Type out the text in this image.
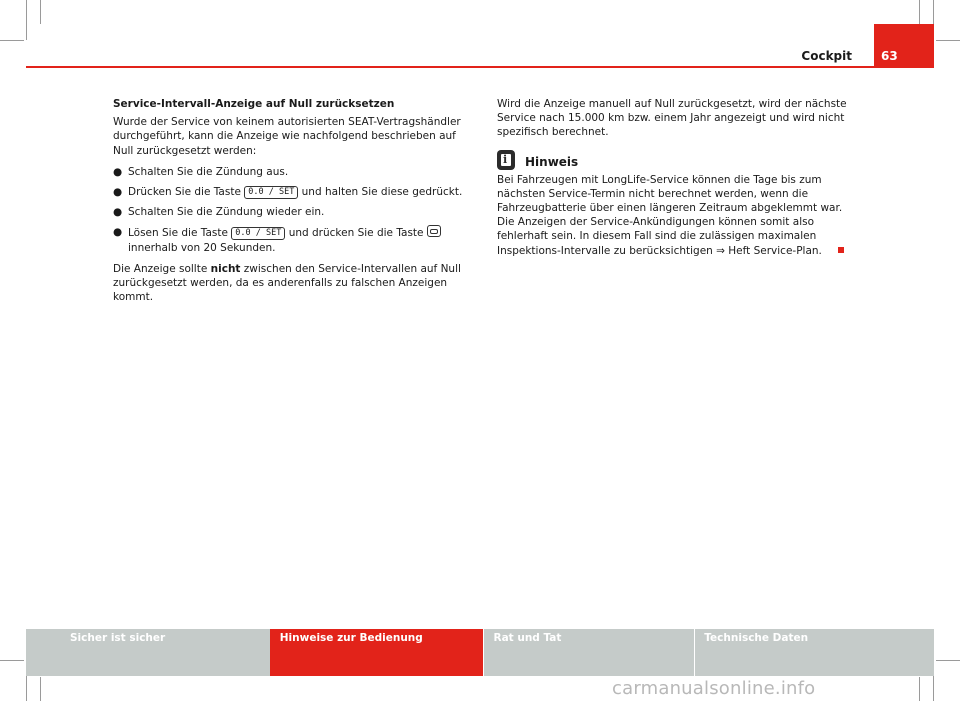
Cockpit	63

Service-Intervall-Anzeige auf Null zurücksetzen

Wurde der Service von keinem autorisierten SEAT-Vertragshändler durchgeführt, kann die Anzeige wie nachfolgend beschrieben auf Null zurückgesetzt werden:

● Schalten Sie die Zündung aus.
● Drücken Sie die Taste 0.0 / SET und halten Sie diese gedrückt.
● Schalten Sie die Zündung wieder ein.
● Lösen Sie die Taste 0.0 / SET und drücken Sie die Taste  innerhalb von 20 Sekunden.

Die Anzeige sollte nicht zwischen den Service-Intervallen auf Null zurückgesetzt werden, da es anderenfalls zu falschen Anzeigen kommt.

Wird die Anzeige manuell auf Null zurückgesetzt, wird der nächste Service nach 15.000 km bzw. einem Jahr angezeigt und wird nicht spezifisch berechnet.

i
Hinweis

Bei Fahrzeugen mit LongLife-Service können die Tage bis zum nächsten Service-Termin nicht berechnet werden, wenn die Fahrzeugbatterie über einen längeren Zeitraum abgeklemmt war. Die Anzeigen der Service-Ankündigungen können somit also fehlerhaft sein. In diesem Fall sind die zulässigen maximalen Inspektions-Intervalle zu berücksichtigen ⇒ Heft Service-Plan.

Sicher ist sicher	Hinweise zur Bedienung	Rat und Tat	Technische Daten
carmanualsonline.info
